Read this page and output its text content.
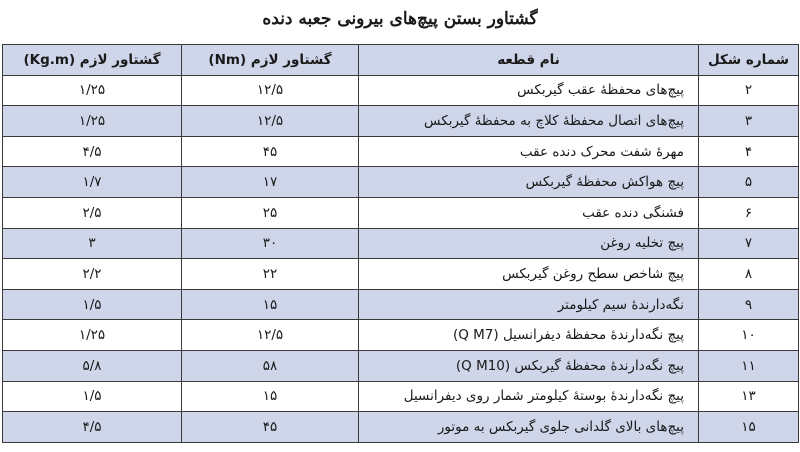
گشتاور بستن پیچ‌های بیرونی جعبه دنده
شماره شکل	نام قطعه	گشتاور لازم (Nm)	گشتاور لازم (Kg.m)
۲	پیچ‌های محفظهٔ عقب گیربکس	۱۲/۵	۱/۲۵
۳	پیچ‌های اتصال محفظهٔ کلاچ به محفظهٔ گیربکس	۱۲/۵	۱/۲۵
۴	مهرهٔ شفت محرک دنده عقب	۴۵	۴/۵
۵	پیچ هواکش محفظهٔ گیربکس	۱۷	۱/۷
۶	فشنگی دنده عقب	۲۵	۲/۵
۷	پیچ تخلیه روغن	۳۰	۳
۸	پیچ شاخص سطح روغن گیربکس	۲۲	۲/۲
۹	نگه‌دارندهٔ سیم کیلومتر	۱۵	۱/۵
۱۰	پیچ نگه‌دارندهٔ محفظهٔ دیفرانسیل (Q M7)	۱۲/۵	۱/۲۵
۱۱	پیچ نگه‌دارندهٔ محفظهٔ گیربکس (Q M10)	۵۸	۵/۸
۱۳	پیچ نگه‌دارندهٔ بوستهٔ کیلومتر شمار روی دیفرانسیل	۱۵	۱/۵
۱۵	پیچ‌های بالای گلدانی جلوی گیربکس به موتور	۴۵	۴/۵
